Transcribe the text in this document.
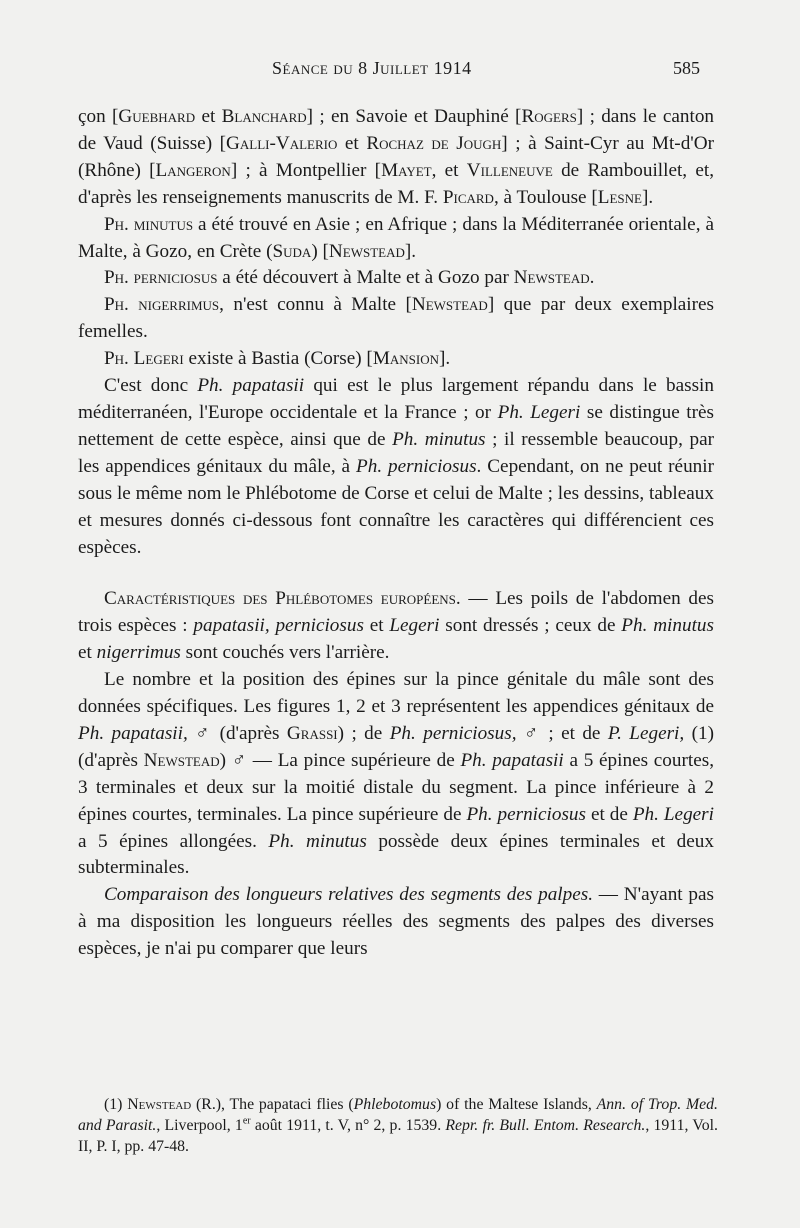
Séance du 8 Juillet 1914	585

çon [Guebhard et Blanchard] ; en Savoie et Dauphiné [Rogers] ; dans le canton de Vaud (Suisse) [Galli-Valerio et Rochaz de Jough] ; à Saint-Cyr au Mt-d'Or (Rhône) [Langeron] ; à Montpellier [Mayet, et Villeneuve de Rambouillet, et, d'après les renseignements manuscrits de M. F. Picard, à Toulouse [Lesne].

Ph. minutus a été trouvé en Asie ; en Afrique ; dans la Méditerranée orientale, à Malte, à Gozo, en Crète (Suda) [Newstead].

Ph. perniciosus a été découvert à Malte et à Gozo par Newstead.

Ph. nigerrimus, n'est connu à Malte [Newstead] que par deux exemplaires femelles.

Ph. Legeri existe à Bastia (Corse) [Mansion].

C'est donc Ph. papatasii qui est le plus largement répandu dans le bassin méditerranéen, l'Europe occidentale et la France ; or Ph. Legeri se distingue très nettement de cette espèce, ainsi que de Ph. minutus ; il ressemble beaucoup, par les appendices génitaux du mâle, à Ph. perniciosus. Cependant, on ne peut réunir sous le même nom le Phlébotome de Corse et celui de Malte ; les dessins, tableaux et mesures donnés ci-dessous font connaître les caractères qui différencient ces espèces.

Caractéristiques des Phlébotomes européens. — Les poils de l'abdomen des trois espèces : papatasii, perniciosus et Legeri sont dressés ; ceux de Ph. minutus et nigerrimus sont couchés vers l'arrière.

Le nombre et la position des épines sur la pince génitale du mâle sont des données spécifiques. Les figures 1, 2 et 3 représentent les appendices génitaux de Ph. papatasii, ♂ (d'après Grassi) ; de Ph. perniciosus, ♂ ; et de P. Legeri, (1) (d'après Newstead) ♂ — La pince supérieure de Ph. papatasii a 5 épines courtes, 3 terminales et deux sur la moitié distale du segment. La pince inférieure à 2 épines courtes, terminales. La pince supérieure de Ph. perniciosus et de Ph. Legeri a 5 épines allongées. Ph. minutus possède deux épines terminales et deux subterminales.

Comparaison des longueurs relatives des segments des palpes. — N'ayant pas à ma disposition les longueurs réelles des segments des palpes des diverses espèces, je n'ai pu comparer que leurs

(1) Newstead (R.), The papataci flies (Phlebotomus) of the Maltese Islands, Ann. of Trop. Med. and Parasit., Liverpool, 1er août 1911, t. V, n° 2, p. 1539. Repr. fr. Bull. Entom. Research., 1911, Vol. II, P. I, pp. 47-48.
